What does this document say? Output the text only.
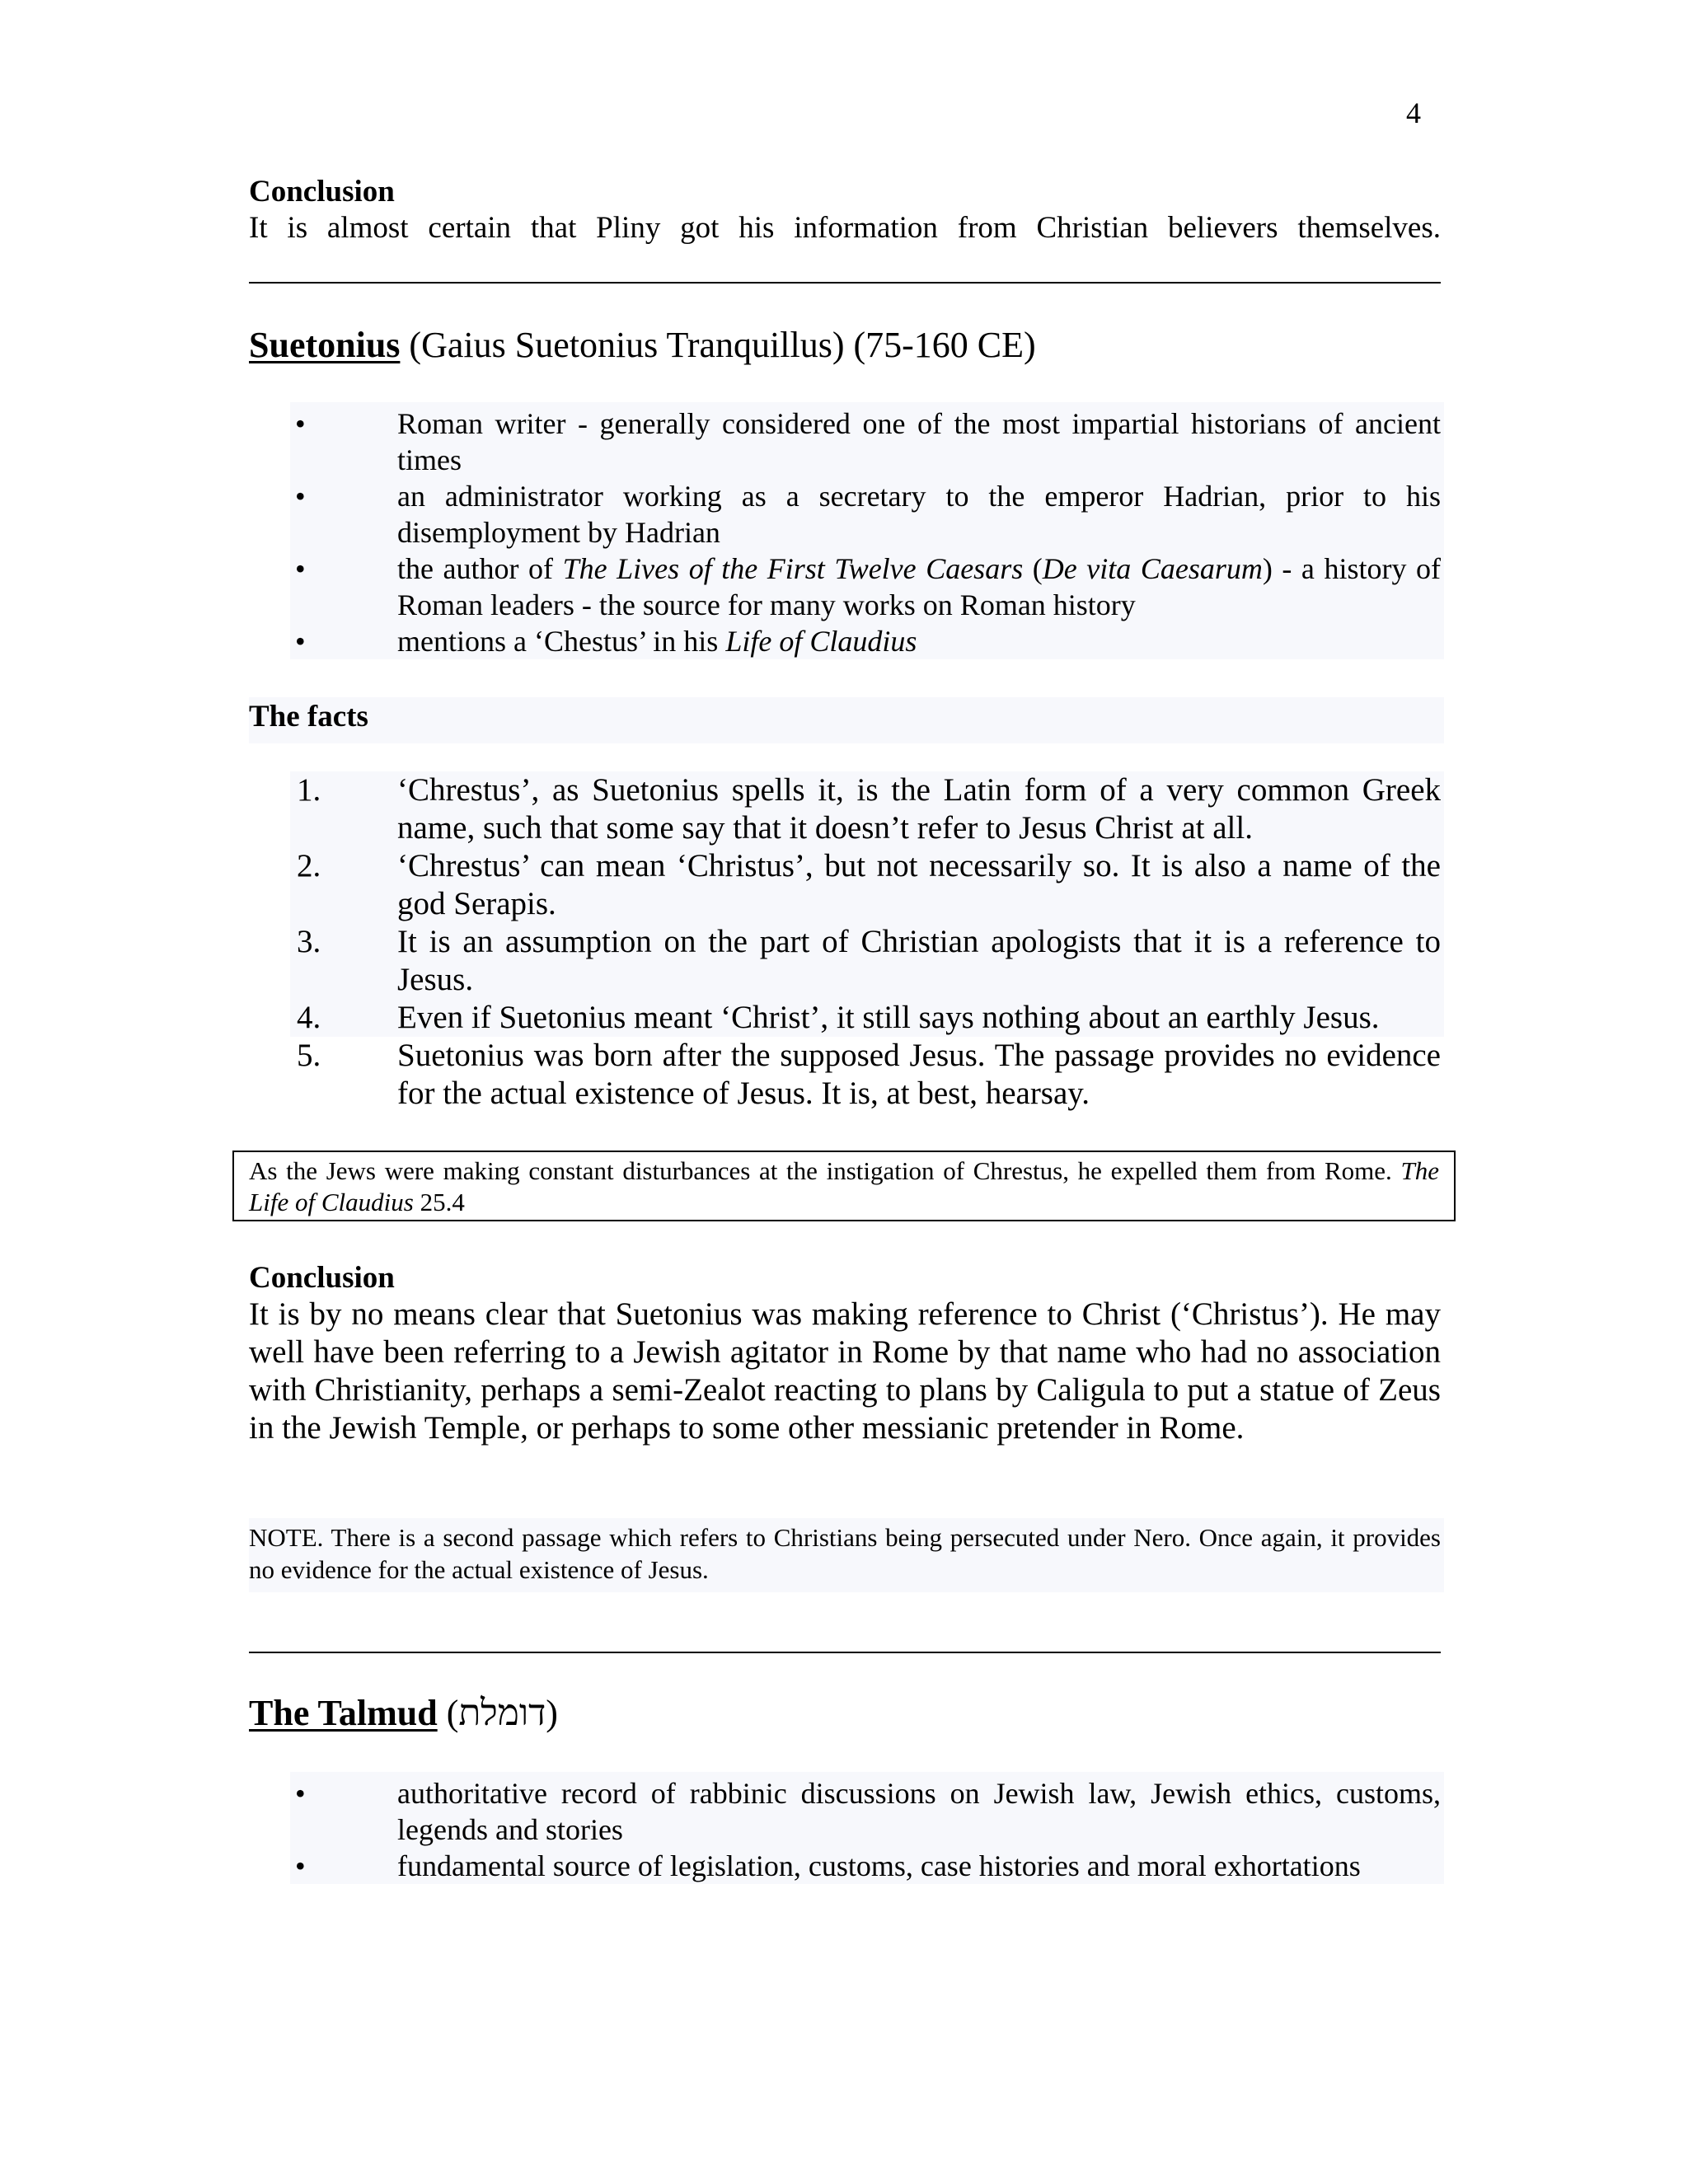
4
Conclusion
It is almost certain that Pliny got his information from Christian believers themselves.
Suetonius (Gaius Suetonius Tranquillus) (75-160 CE)
•	Roman writer - generally considered one of the most impartial historians of ancient times
•	an administrator working as a secretary to the emperor Hadrian, prior to his disemployment by Hadrian
•	the author of The Lives of the First Twelve Caesars (De vita Caesarum) - a history of Roman leaders - the source for many works on Roman history
•	mentions a ‘Chestus’ in his Life of Claudius
The facts
1.	‘Chrestus’, as Suetonius spells it, is the Latin form of a very common Greek name, such that some say that it doesn’t refer to Jesus Christ at all.
2.	‘Chrestus’ can mean ‘Christus’, but not necessarily so. It is also a name of the god Serapis.
3.	It is an assumption on the part of Christian apologists that it is a reference to Jesus.
4.	Even if Suetonius meant ‘Christ’, it still says nothing about an earthly Jesus.
5.	Suetonius was born after the supposed Jesus. The passage provides no evidence for the actual existence of Jesus. It is, at best, hearsay.
As the Jews were making constant disturbances at the instigation of Chrestus, he expelled them from Rome. The Life of Claudius 25.4
Conclusion
It is by no means clear that Suetonius was making reference to Christ (‘Christus’). He may well have been referring to a Jewish agitator in Rome by that name who had no association with Christianity, perhaps a semi-Zealot reacting to plans by Caligula to put a statue of Zeus in the Jewish Temple, or perhaps to some other messianic pretender in Rome.
NOTE. There is a second passage which refers to Christians being persecuted under Nero. Once again, it provides no evidence for the actual existence of Jesus.
The Talmud (דומלת)
•	authoritative record of rabbinic discussions on Jewish law, Jewish ethics, customs, legends and stories
•	fundamental source of legislation, customs, case histories and moral exhortations
